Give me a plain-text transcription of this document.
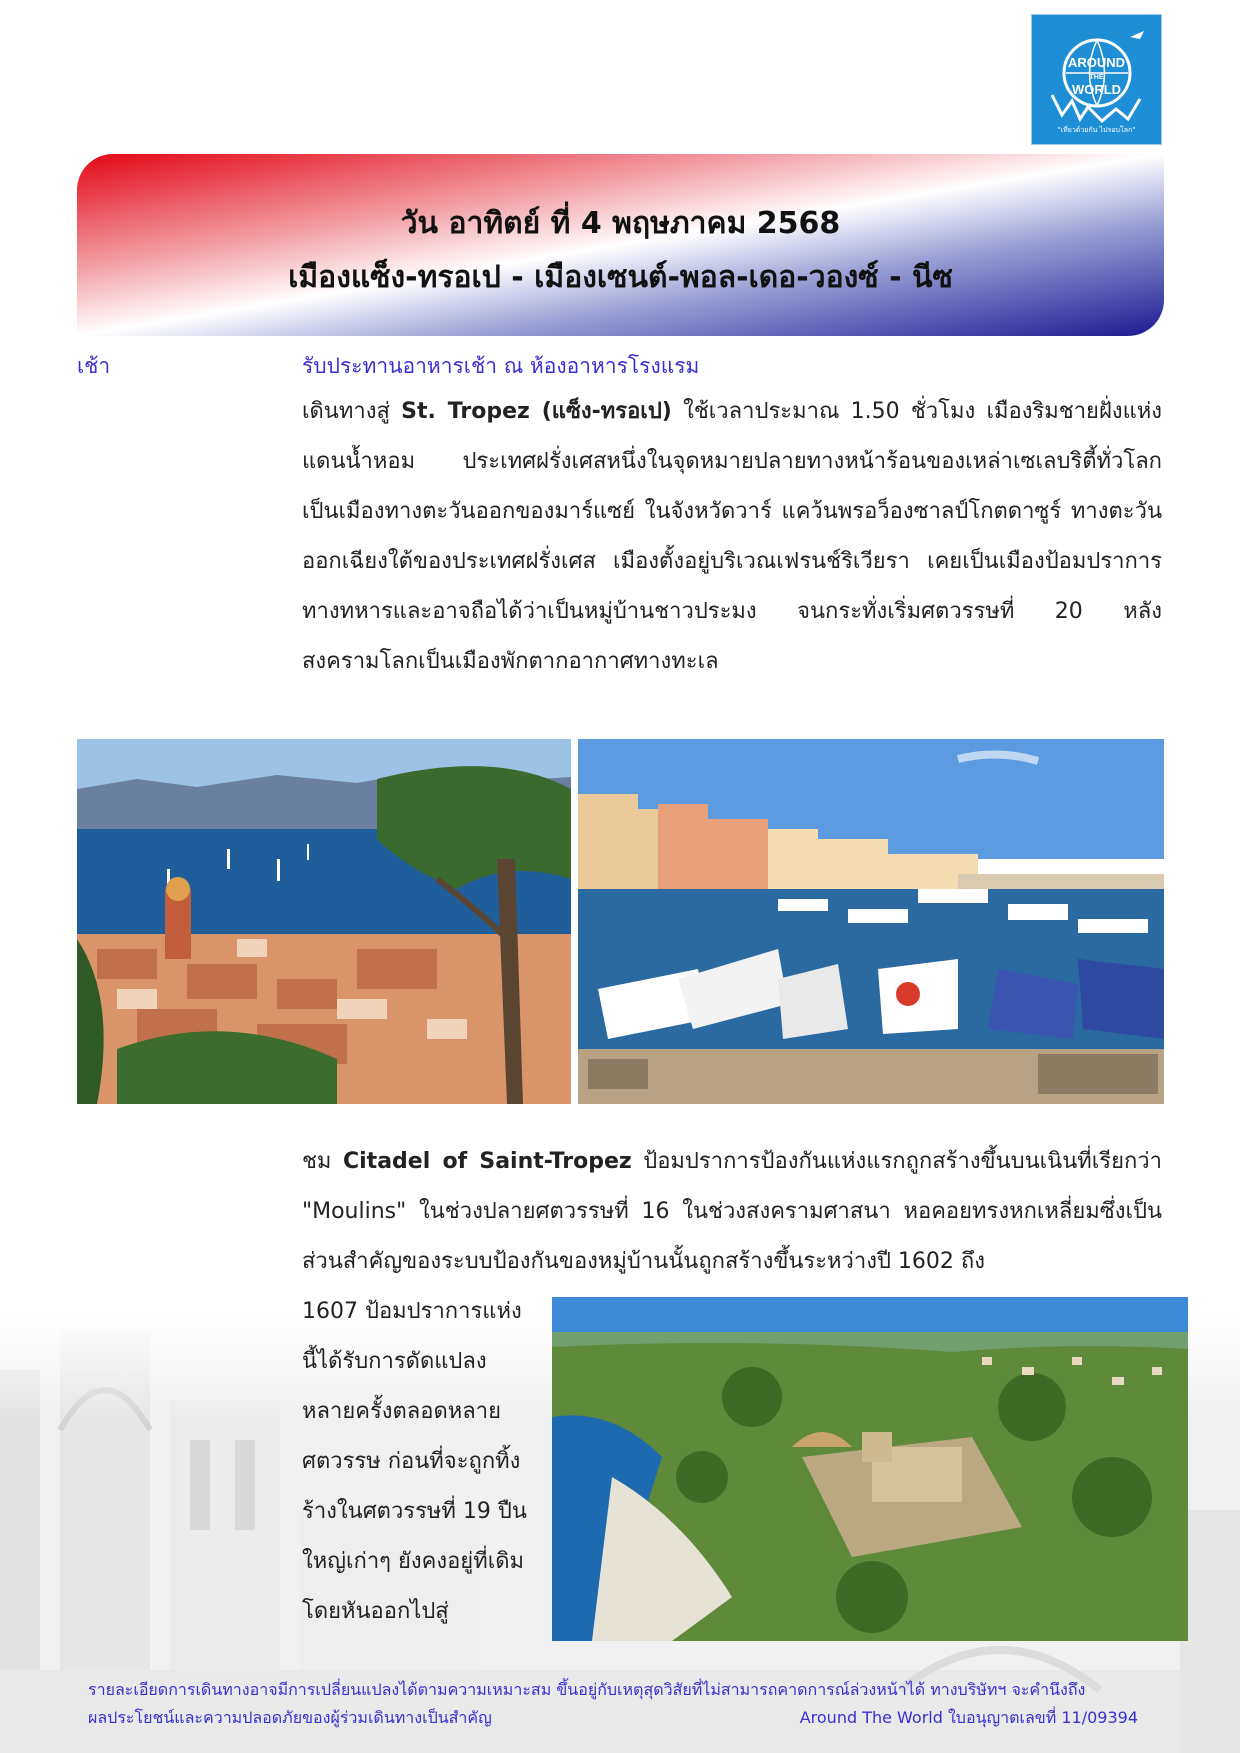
AROUND
THE
WORLD
"เที่ยวด้วยกัน ไปรอบโลก"
วัน อาทิตย์ ที่ 4 พฤษภาคม 2568
เมืองแซ็ง-ทรอเป - เมืองเซนต์-พอล-เดอ-วองซ์ - นีซ
เช้า	รับประทานอาหารเช้า ณ ห้องอาหารโรงแรม
เดินทางสู่ St. Tropez (แซ็ง-ทรอเป) ใช้เวลาประมาณ 1.50 ชั่วโมง เมืองริมชายฝั่งแห่งแดนน้ำหอม ประเทศฝรั่งเศสหนึ่งในจุดหมายปลายทางหน้าร้อนของเหล่าเซเลบริตี้ทั่วโลก เป็นเมืองทางตะวันออกของมาร์แซย์ ในจังหวัดวาร์ แคว้นพรอว็องซาลป์โกตดาซูร์ ทางตะวันออกเฉียงใต้ของประเทศฝรั่งเศส เมืองตั้งอยู่บริเวณเฟรนช์ริเวียรา เคยเป็นเมืองป้อมปราการทางทหารและอาจถือได้ว่าเป็นหมู่บ้านชาวประมง จนกระทั่งเริ่มศตวรรษที่ 20 หลังสงครามโลกเป็นเมืองพักตากอากาศทางทะเล
ชม Citadel of Saint-Tropez ป้อมปราการป้องกันแห่งแรกถูกสร้างขึ้นบนเนินที่เรียกว่า "Moulins" ในช่วงปลายศตวรรษที่ 16 ในช่วงสงครามศาสนา หอคอยทรงหกเหลี่ยมซึ่งเป็นส่วนสำคัญของระบบป้องกันของหมู่บ้านนั้นถูกสร้างขึ้นระหว่างปี 1602 ถึง
1607 ป้อมปราการแห่งนี้ได้รับการดัดแปลงหลายครั้งตลอดหลายศตวรรษ ก่อนที่จะถูกทิ้งร้างในศตวรรษที่ 19 ปืนใหญ่เก่าๆ ยังคงอยู่ที่เดิมโดยหันออกไปสู่
รายละเอียดการเดินทางอาจมีการเปลี่ยนแปลงได้ตามความเหมาะสม ขึ้นอยู่กับเหตุสุดวิสัยที่ไม่สามารถคาดการณ์ล่วงหน้าได้ ทางบริษัทฯ จะคำนึงถึง
ผลประโยชน์และความปลอดภัยของผู้ร่วมเดินทางเป็นสำคัญ	Around The World ใบอนุญาตเลขที่ 11/09394
